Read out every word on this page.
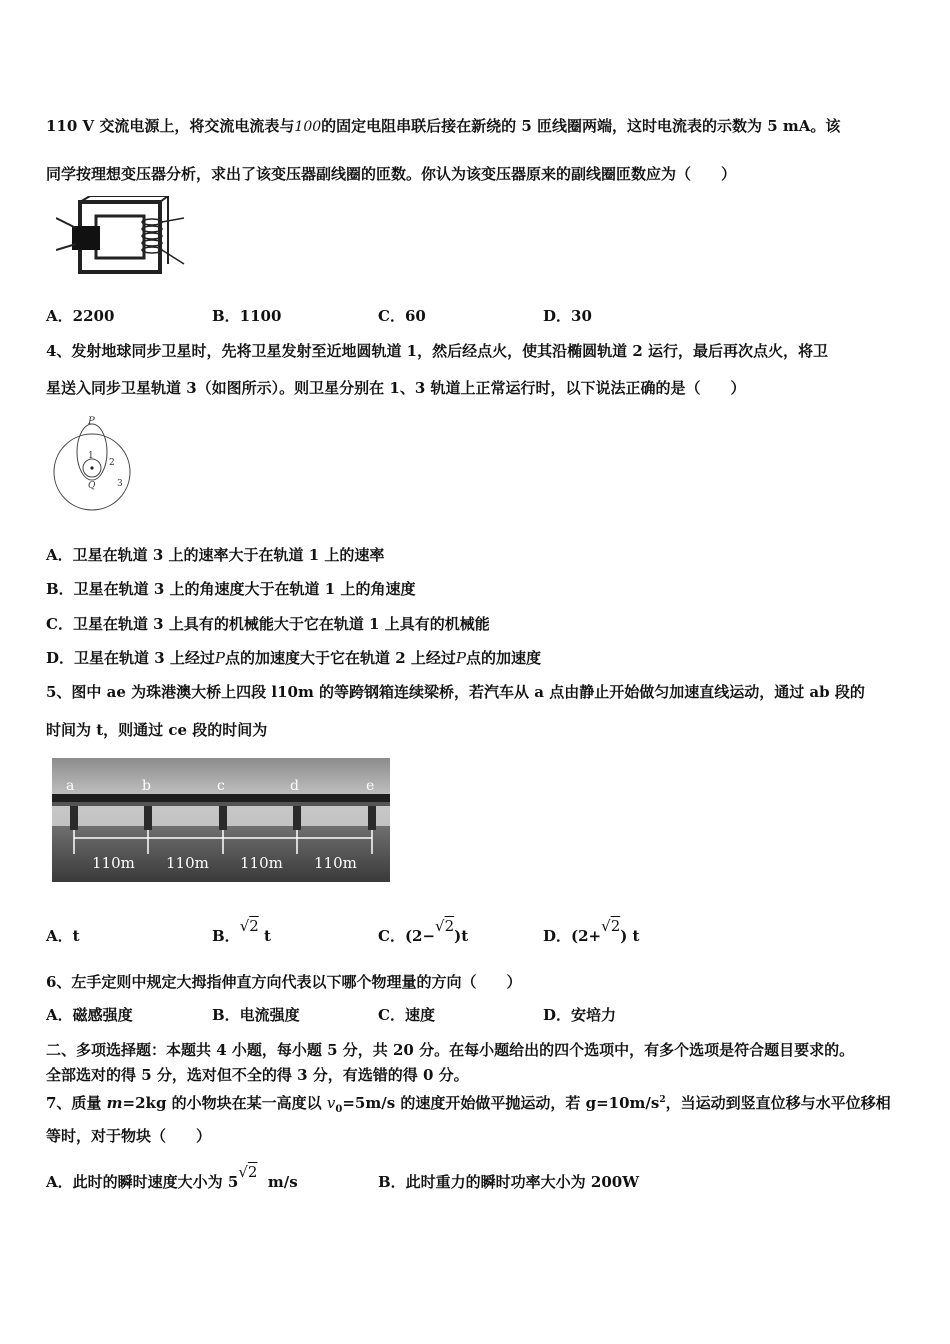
110 V 交流电源上，将交流电流表与100的固定电阻串联后接在新绕的 5 匝线圈两端，这时电流表的示数为 5 mA。该
同学按理想变压器分析，求出了该变压器副线圈的匝数。你认为该变压器原来的副线圈匝数应为（　　）
A．2200	B．1100	C．60	D．30
4、发射地球同步卫星时，先将卫星发射至近地圆轨道 1，然后经点火，使其沿椭圆轨道 2 运行，最后再次点火，将卫
星送入同步卫星轨道 3（如图所示）。则卫星分别在 1、3 轨道上正常运行时，以下说法正确的是（　　）
P
1
2
3
Q
A．卫星在轨道 3 上的速率大于在轨道 1 上的速率
B．卫星在轨道 3 上的角速度大于在轨道 1 上的角速度
C．卫星在轨道 3 上具有的机械能大于它在轨道 1 上具有的机械能
D．卫星在轨道 3 上经过P点的加速度大于它在轨道 2 上经过P点的加速度
5、图中 ae 为珠港澳大桥上四段 l10m 的等跨钢箱连续梁桥，若汽车从 a 点由静止开始做匀加速直线运动，通过 ab 段的
时间为 t，则通过 ce 段的时间为
a	b	c	d	e
110m 110m 110m 110m
A．t	B．√2 t	C．(2−√2)t	D．(2+√2) t
6、左手定则中规定大拇指伸直方向代表以下哪个物理量的方向（　　）
A．磁感强度	B．电流强度	C．速度	D．安培力
二、多项选择题：本题共 4 小题，每小题 5 分，共 20 分。在每小题给出的四个选项中，有多个选项是符合题目要求的。
全部选对的得 5 分，选对但不全的得 3 分，有选错的得 0 分。
7、质量 m=2kg 的小物块在某一高度以 $v_0=5m/s$ 的速度开始做平抛运动，若 $g=10m/s^2$，当运动到竖直位移与水平位移相
等时，对于物块（　　）
A．此时的瞬时速度大小为 5√2  m/s	B．此时重力的瞬时功率大小为 200W
